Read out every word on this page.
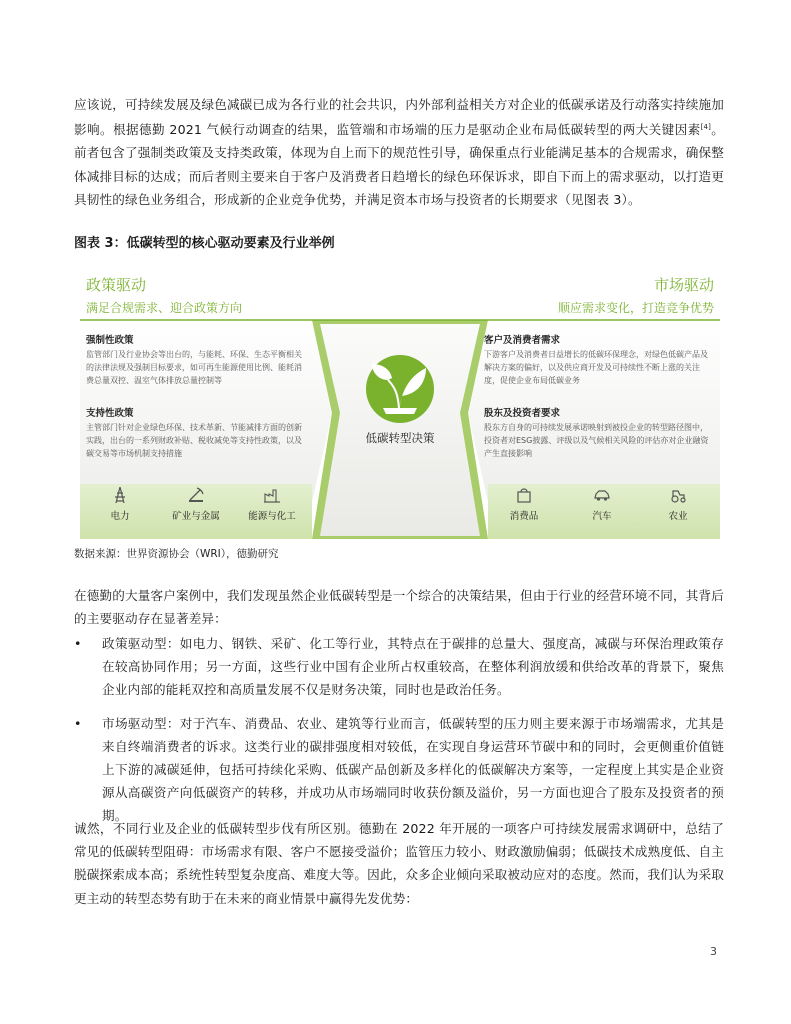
应该说，可持续发展及绿色减碳已成为各行业的社会共识，内外部利益相关方对企业的低碳承诺及行动落实持续施加影响。根据德勤 2021 气候行动调查的结果，监管端和市场端的压力是驱动企业布局低碳转型的两大关键因素[4]。前者包含了强制类政策及支持类政策，体现为自上而下的规范性引导，确保重点行业能满足基本的合规需求，确保整体减排目标的达成；而后者则主要来自于客户及消费者日趋增长的绿色环保诉求，即自下而上的需求驱动，以打造更具韧性的绿色业务组合，形成新的企业竞争优势，并满足资本市场与投资者的长期要求（见图表 3）。

图表 3：低碳转型的核心驱动要素及行业举例

政策驱动

满足合规需求、迎合政策方向

市场驱动

顺应需求变化，打造竞争优势

强制性政策

监管部门及行业协会等出台的，与能耗、环保、生态平衡相关的法律法规及强制目标要求，如可再生能源使用比例、能耗消费总量双控、温室气体排放总量控制等

支持性政策

主管部门针对企业绿色环保、技术革新、节能减排方面的创新实践，出台的一系列财政补贴、税收减免等支持性政策，以及碳交易等市场机制支持措施

客户及消费者需求

下游客户及消费者日益增长的低碳环保理念，对绿色低碳产品及解决方案的偏好，以及供应商开发及可持续性不断上涨的关注度，促使企业布局低碳业务

股东及投资者要求

股东方自身的可持续发展承诺映射到被投企业的转型路径图中，投资者对ESG披露、评级以及气候相关风险的评估亦对企业融资产生直接影响

低碳转型决策

电力	矿业与金属	能源与化工	消费品	汽车	农业

数据来源：世界资源协会（WRI），德勤研究

在德勤的大量客户案例中，我们发现虽然企业低碳转型是一个综合的决策结果，但由于行业的经营环境不同，其背后的主要驱动存在显著差异：

• 政策驱动型：如电力、钢铁、采矿、化工等行业，其特点在于碳排的总量大、强度高，减碳与环保治理政策存在较高协同作用；另一方面，这些行业中国有企业所占权重较高，在整体利润放缓和供给改革的背景下，聚焦企业内部的能耗双控和高质量发展不仅是财务决策，同时也是政治任务。
• 市场驱动型：对于汽车、消费品、农业、建筑等行业而言，低碳转型的压力则主要来源于市场端需求，尤其是来自终端消费者的诉求。这类行业的碳排强度相对较低，在实现自身运营环节碳中和的同时，会更侧重价值链上下游的减碳延伸，包括可持续化采购、低碳产品创新及多样化的低碳解决方案等，一定程度上其实是企业资源从高碳资产向低碳资产的转移，并成功从市场端同时收获份额及溢价，另一方面也迎合了股东及投资者的预期。

诚然，不同行业及企业的低碳转型步伐有所区别。德勤在 2022 年开展的一项客户可持续发展需求调研中，总结了常见的低碳转型阻碍：市场需求有限、客户不愿接受溢价；监管压力较小、财政激励偏弱；低碳技术成熟度低、自主脱碳探索成本高；系统性转型复杂度高、难度大等。因此，众多企业倾向采取被动应对的态度。然而，我们认为采取更主动的转型态势有助于在未来的商业情景中赢得先发优势：

3
